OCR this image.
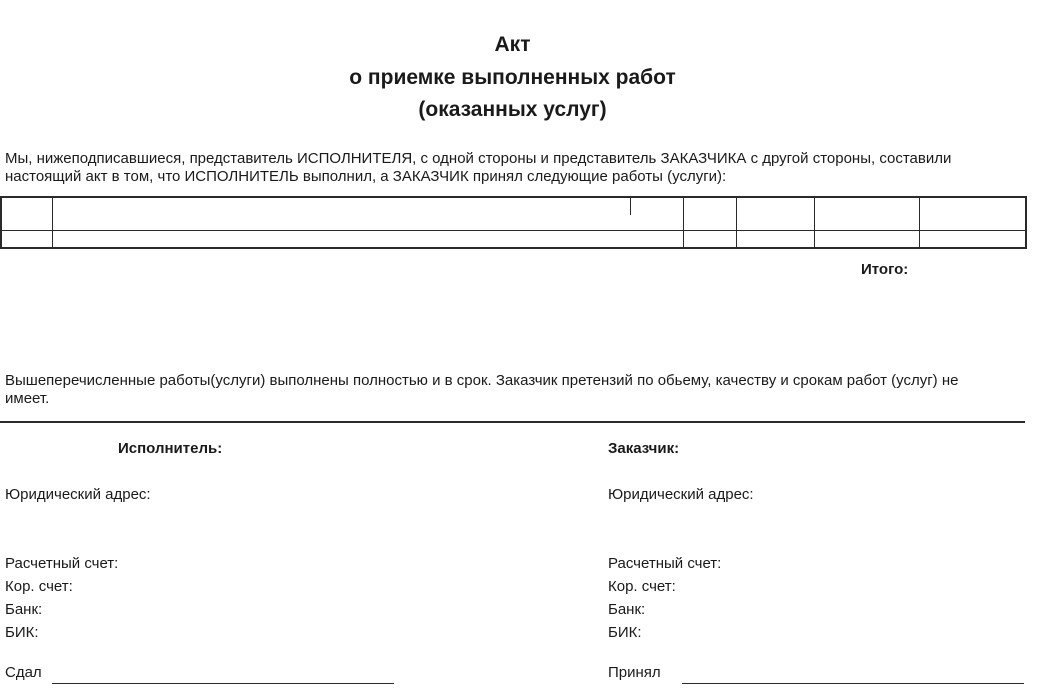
Акт
о приемке выполненных работ
(оказанных услуг)
Мы, нижеподписавшиеся, представитель ИСПОЛНИТЕЛЯ, с одной стороны и представитель ЗАКАЗЧИКА с другой стороны, составили настоящий акт в том, что ИСПОЛНИТЕЛЬ выполнил, а ЗАКАЗЧИК принял следующие работы (услуги):

Итого:
Вышеперечисленные работы(услуги) выполнены полностью и в срок. Заказчик претензий по обьему, качеству и срокам работ (услуг) не имеет.
Исполнитель:
Юридический адрес:
Расчетный счет:
Кор. счет:
Банк:
БИК:
Сдал
Заказчик:
Юридический адрес:
Расчетный счет:
Кор. счет:
Банк:
БИК:
Принял
